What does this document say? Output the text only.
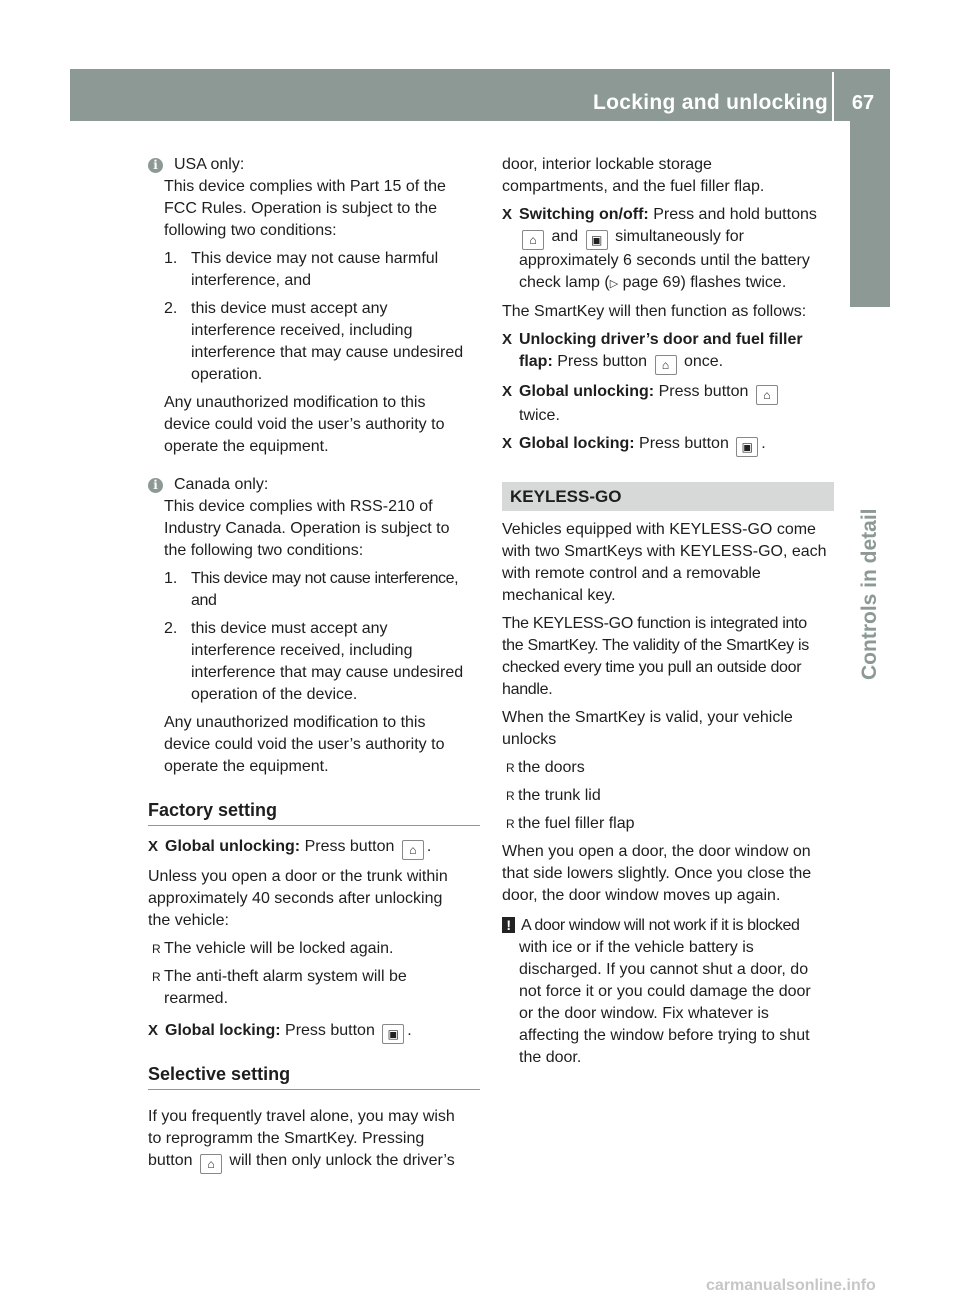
Locking and unlocking	67
Controls in detail
i	USA only:

This device complies with Part 15 of the

FCC Rules. Operation is subject to the

following two conditions:

1. This device may not cause harmful
interference, and
2. this device must accept any
interference received, including
interference that may cause undesired
operation.

Any unauthorized modification to this

device could void the user’s authority to

operate the equipment.

i	Canada only:

This device complies with RSS-210 of

Industry Canada. Operation is subject to

the following two conditions:

1. This device may not cause interference,
and
2. this device must accept any
interference received, including
interference that may cause undesired
operation of the device.

Any unauthorized modification to this

device could void the user’s authority to

operate the equipment.

Factory setting
X Global unlocking: Press button ⌂ .

Unless you open a door or the trunk within

approximately 40 seconds after unlocking

the vehicle:

R The vehicle will be locked again.
R The anti-theft alarm system will be
rearmed.
X Global locking: Press button ▣ .
Selective setting

If you frequently travel alone, you may wish

to reprogramm the SmartKey. Pressing

button ⌂ will then only unlock the driver’s

door, interior lockable storage

compartments, and the fuel filler flap.

X Switching on/off: Press and hold buttons
⌂ and ▣ simultaneously for
approximately 6 seconds until the battery
check lamp (▷ page 69) flashes twice.

The SmartKey will then function as follows:

X Unlocking driver’s door and fuel filler
flap: Press button ⌂ once.
X Global unlocking: Press button ⌂
twice.
X Global locking: Press button ▣ .
KEYLESS-GO

Vehicles equipped with KEYLESS-GO come

with two SmartKeys with KEYLESS-GO, each

with remote control and a removable

mechanical key.

The KEYLESS-GO function is integrated into

the SmartKey. The validity of the SmartKey is

checked every time you pull an outside door

handle.

When the SmartKey is valid, your vehicle

unlocks

R the doors
R the trunk lid
R the fuel filler flap

When you open a door, the door window on

that side lowers slightly. Once you close the

door, the door window moves up again.

! A door window will not work if it is blocked

with ice or if the vehicle battery is

discharged. If you cannot shut a door, do

not force it or you could damage the door

or the door window. Fix whatever is

affecting the window before trying to shut

the door.

carmanualsonline.info
